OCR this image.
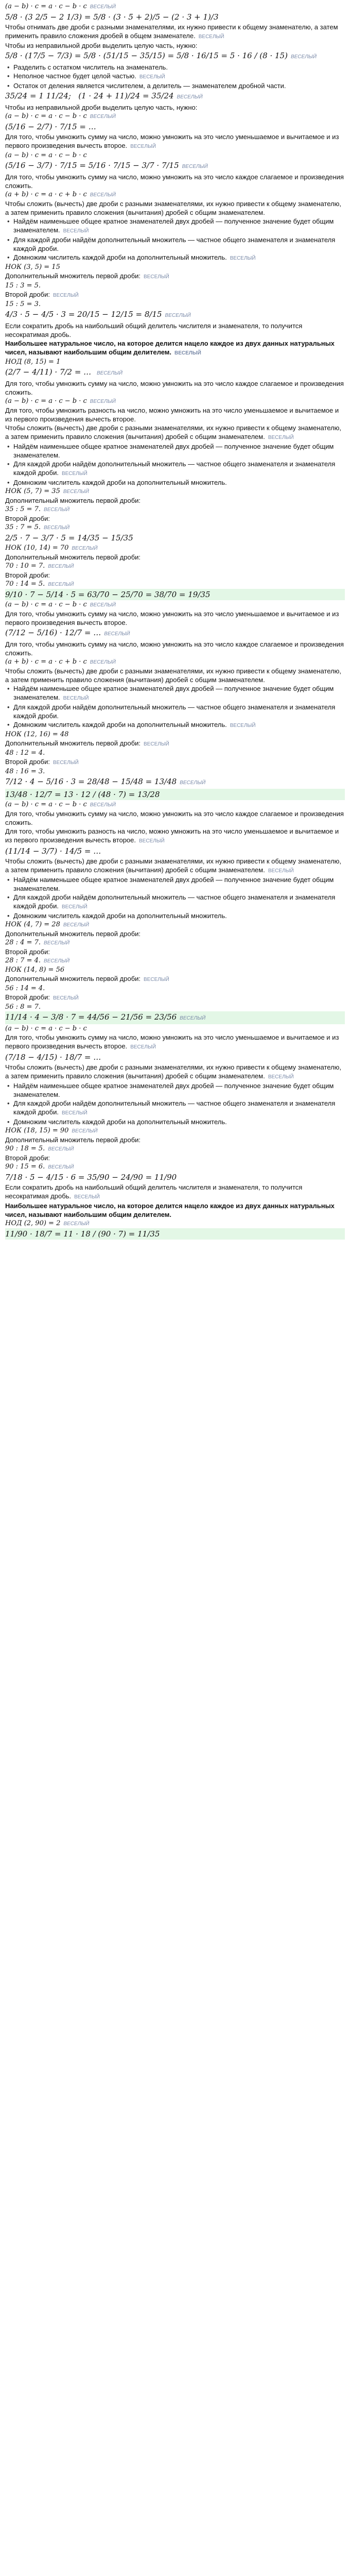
(a − b) · c = a · c − b · c ВЕСЕЛЫЙ
5/8 · (3 2/5 − 2 1/3) = 5/8 · (3 · 5 + 2)/5 − (2 · 3 + 1)/3
Чтобы отнимать две дроби с разными знаменателями, их нужно привести к общему знаменателю, а затем применить правило сложения дробей в общем знаменателе. ВЕСЕЛЫЙ
Чтобы из неправильной дроби выделить целую часть, нужно:
5/8 · (17/5 − 7/3) = 5/8 · (51/15 − 35/15) = 5/8 · 16/15 = 5 · 16 / (8 · 15) ВЕСЕЛЫЙ
• Разделить с остатком числитель на знаменатель.
• Неполное частное будет целой частью. ВЕСЕЛЫЙ
• Остаток от деления является числителем, а делитель — знаменателем дробной части.
35/24 = 1 11/24;   (1 · 24 + 11)/24 = 35/24 ВЕСЕЛЫЙ
Чтобы из неправильной дроби выделить целую часть, нужно:
(a − b) · c = a · c − b · c ВЕСЕЛЫЙ
(5/16 − 2/7) · 7/15 = …
Для того, чтобы умножить сумму на число, можно умножить на это число уменьшаемое и вычитаемое и из первого произведения вычесть второе. ВЕСЕЛЫЙ
(a − b) · c = a · c − b · c
(5/16 − 3/7) · 7/15 = 5/16 · 7/15 − 3/7 · 7/15 ВЕСЕЛЫЙ
Для того, чтобы умножить сумму на число, можно умножить на это число каждое слагаемое и произведения сложить.
(a + b) · c = a · c + b · c ВЕСЕЛЫЙ
Чтобы сложить (вычесть) две дроби с разными знаменателями, их нужно привести к общему знаменателю, а затем применить правило сложения (вычитания) дробей с общим знаменателем.
• Найдём наименьшее общее кратное знаменателей двух дробей — полученное значение будет общим знаменателем. ВЕСЕЛЫЙ
• Для каждой дроби найдём дополнительный множитель — частное общего знаменателя и знаменателя каждой дроби.
• Домножим числитель каждой дроби на дополнительный множитель. ВЕСЕЛЫЙ
НОК (3, 5) = 15
Дополнительный множитель первой дроби: ВЕСЕЛЫЙ
15 : 3 = 5.
Второй дроби: ВЕСЕЛЫЙ
15 : 5 = 3.
4/3 · 5 − 4/5 · 3 = 20/15 − 12/15 = 8/15 ВЕСЕЛЫЙ
Если сократить дробь на наибольший общий делитель числителя и знаменателя, то получится несократимая дробь.
Наибольшее натуральное число, на которое делится нацело каждое из двух данных натуральных чисел, называют наибольшим общим делителем. ВЕСЕЛЫЙ
НОД (8, 15) = 1
(2/7 − 4/11) · 7/2 = … ВЕСЕЛЫЙ
Для того, чтобы умножить сумму на число, можно умножить на это число каждое слагаемое и произведения сложить.
(a − b) · c = a · c − b · c ВЕСЕЛЫЙ
Для того, чтобы умножить разность на число, можно умножить на это число уменьшаемое и вычитаемое и из первого произведения вычесть второе.
Чтобы сложить (вычесть) две дроби с разными знаменателями, их нужно привести к общему знаменателю, а затем применить правило сложения (вычитания) дробей с общим знаменателем. ВЕСЕЛЫЙ
• Найдём наименьшее общее кратное знаменателей двух дробей — полученное значение будет общим знаменателем.
• Для каждой дроби найдём дополнительный множитель — частное общего знаменателя и знаменателя каждой дроби. ВЕСЕЛЫЙ
• Домножим числитель каждой дроби на дополнительный множитель.
НОК (5, 7) = 35 ВЕСЕЛЫЙ
Дополнительный множитель первой дроби:
35 : 5 = 7. ВЕСЕЛЫЙ
Второй дроби:
35 : 7 = 5. ВЕСЕЛЫЙ
2/5 · 7 − 3/7 · 5 = 14/35 − 15/35
НОК (10, 14) = 70 ВЕСЕЛЫЙ
Дополнительный множитель первой дроби:
70 : 10 = 7. ВЕСЕЛЫЙ
Второй дроби:
70 : 14 = 5. ВЕСЕЛЫЙ
9/10 · 7 − 5/14 · 5 = 63/70 − 25/70 = 38/70 = 19/35
(a − b) · c = a · c − b · c ВЕСЕЛЫЙ
Для того, чтобы умножить сумму на число, можно умножить на это число уменьшаемое и вычитаемое и из первого произведения вычесть второе.
(7/12 − 5/16) · 12/7 = … ВЕСЕЛЫЙ
Для того, чтобы умножить сумму на число, можно умножить на это число каждое слагаемое и произведения сложить.
(a + b) · c = a · c + b · c ВЕСЕЛЫЙ
Чтобы сложить (вычесть) две дроби с разными знаменателями, их нужно привести к общему знаменателю, а затем применить правило сложения (вычитания) дробей с общим знаменателем.
• Найдём наименьшее общее кратное знаменателей двух дробей — полученное значение будет общим знаменателем. ВЕСЕЛЫЙ
• Для каждой дроби найдём дополнительный множитель — частное общего знаменателя и знаменателя каждой дроби.
• Домножим числитель каждой дроби на дополнительный множитель. ВЕСЕЛЫЙ
НОК (12, 16) = 48
Дополнительный множитель первой дроби: ВЕСЕЛЫЙ
48 : 12 = 4.
Второй дроби: ВЕСЕЛЫЙ
48 : 16 = 3.
7/12 · 4 − 5/16 · 3 = 28/48 − 15/48 = 13/48 ВЕСЕЛЫЙ
13/48 · 12/7 = 13 · 12 / (48 · 7) = 13/28
(a − b) · c = a · c − b · c ВЕСЕЛЫЙ
Для того, чтобы умножить сумму на число, можно умножить на это число каждое слагаемое и произведения сложить.
Для того, чтобы умножить разность на число, можно умножить на это число уменьшаемое и вычитаемое и из первого произведения вычесть второе. ВЕСЕЛЫЙ
(11/14 − 3/7) · 14/5 = …
Чтобы сложить (вычесть) две дроби с разными знаменателями, их нужно привести к общему знаменателю, а затем применить правило сложения (вычитания) дробей с общим знаменателем. ВЕСЕЛЫЙ
• Найдём наименьшее общее кратное знаменателей двух дробей — полученное значение будет общим знаменателем.
• Для каждой дроби найдём дополнительный множитель — частное общего знаменателя и знаменателя каждой дроби. ВЕСЕЛЫЙ
• Домножим числитель каждой дроби на дополнительный множитель.
НОК (4, 7) = 28 ВЕСЕЛЫЙ
Дополнительный множитель первой дроби:
28 : 4 = 7. ВЕСЕЛЫЙ
Второй дроби:
28 : 7 = 4. ВЕСЕЛЫЙ
НОК (14, 8) = 56
Дополнительный множитель первой дроби: ВЕСЕЛЫЙ
56 : 14 = 4.
Второй дроби: ВЕСЕЛЫЙ
56 : 8 = 7.
11/14 · 4 − 3/8 · 7 = 44/56 − 21/56 = 23/56 ВЕСЕЛЫЙ
(a − b) · c = a · c − b · c
Для того, чтобы умножить сумму на число, можно умножить на это число уменьшаемое и вычитаемое и из первого произведения вычесть второе. ВЕСЕЛЫЙ
(7/18 − 4/15) · 18/7 = …
Чтобы сложить (вычесть) две дроби с разными знаменателями, их нужно привести к общему знаменателю, а затем применить правило сложения (вычитания) дробей с общим знаменателем. ВЕСЕЛЫЙ
• Найдём наименьшее общее кратное знаменателей двух дробей — полученное значение будет общим знаменателем.
• Для каждой дроби найдём дополнительный множитель — частное общего знаменателя и знаменателя каждой дроби. ВЕСЕЛЫЙ
• Домножим числитель каждой дроби на дополнительный множитель.
НОК (18, 15) = 90 ВЕСЕЛЫЙ
Дополнительный множитель первой дроби:
90 : 18 = 5. ВЕСЕЛЫЙ
Второй дроби:
90 : 15 = 6. ВЕСЕЛЫЙ
7/18 · 5 − 4/15 · 6 = 35/90 − 24/90 = 11/90
Если сократить дробь на наибольший общий делитель числителя и знаменателя, то получится несократимая дробь. ВЕСЕЛЫЙ
Наибольшее натуральное число, на которое делится нацело каждое из двух данных натуральных чисел, называют наибольшим общим делителем.
НОД (2, 90) = 2 ВЕСЕЛЫЙ
11/90 · 18/7 = 11 · 18 / (90 · 7) = 11/35
